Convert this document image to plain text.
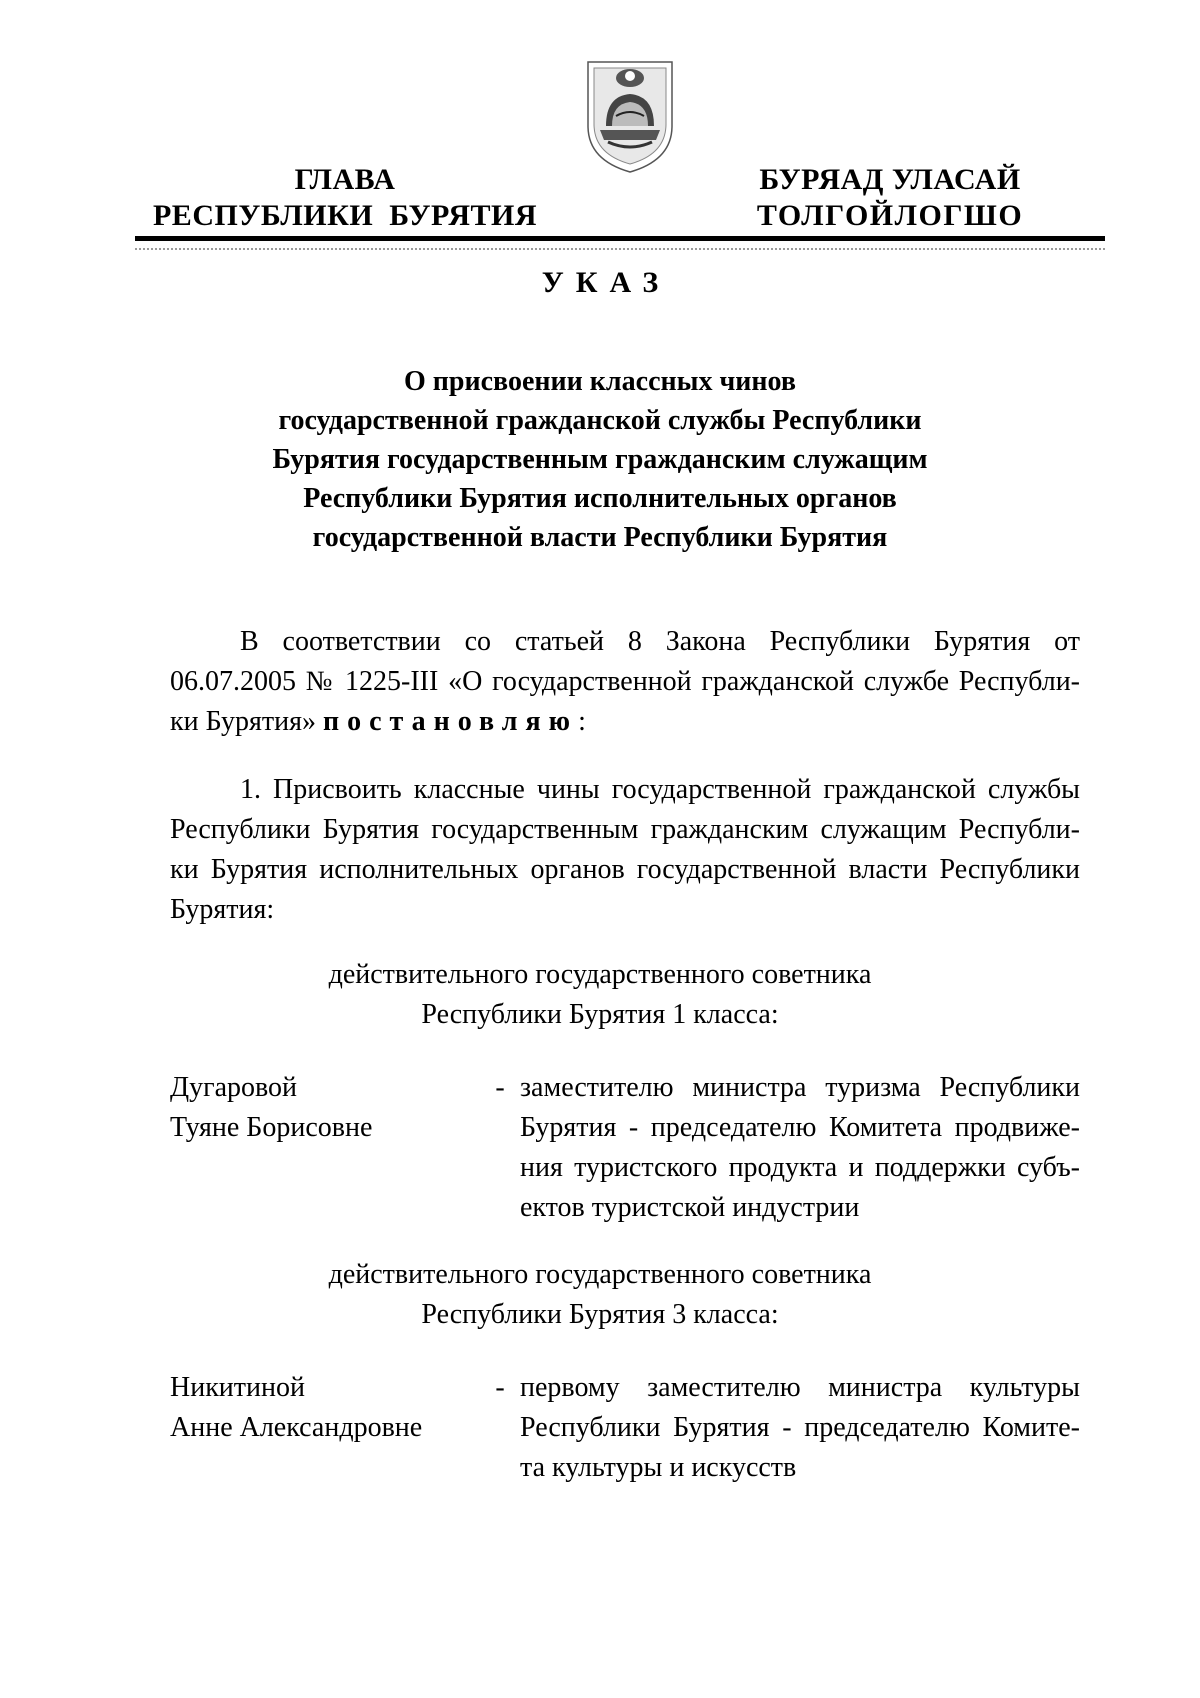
ГЛАВА
РЕСПУБЛИКИ  БУРЯТИЯ
БУРЯАД УЛАСАЙ
ТОЛГОЙЛОГШО
УКАЗ
О присвоении классных чинов
государственной гражданской службы Республики
Бурятия государственным гражданским служащим
Республики Бурятия исполнительных органов
государственной власти Республики Бурятия
В соответствии со статьей 8 Закона Республики Бурятия от
06.07.2005 № 1225-III «О государственной гражданской службе Республи-
ки Бурятия» постановляю:
1. Присвоить классные чины государственной гражданской службы
Республики Бурятия государственным гражданским служащим Республи-
ки Бурятия исполнительных органов государственной власти Республики
Бурятия:
действительного государственного советника
Республики Бурятия 1 класса:
Дугаровой
Туяне Борисовне
- заместителю министра туризма Республики
Бурятия - председателю Комитета продвиже-
ния туристского продукта и поддержки субъ-
ектов туристской индустрии
действительного государственного советника
Республики Бурятия 3 класса:
Никитиной
Анне Александровне
- первому заместителю министра культуры
Республики Бурятия - председателю Комите-
та культуры и искусств
